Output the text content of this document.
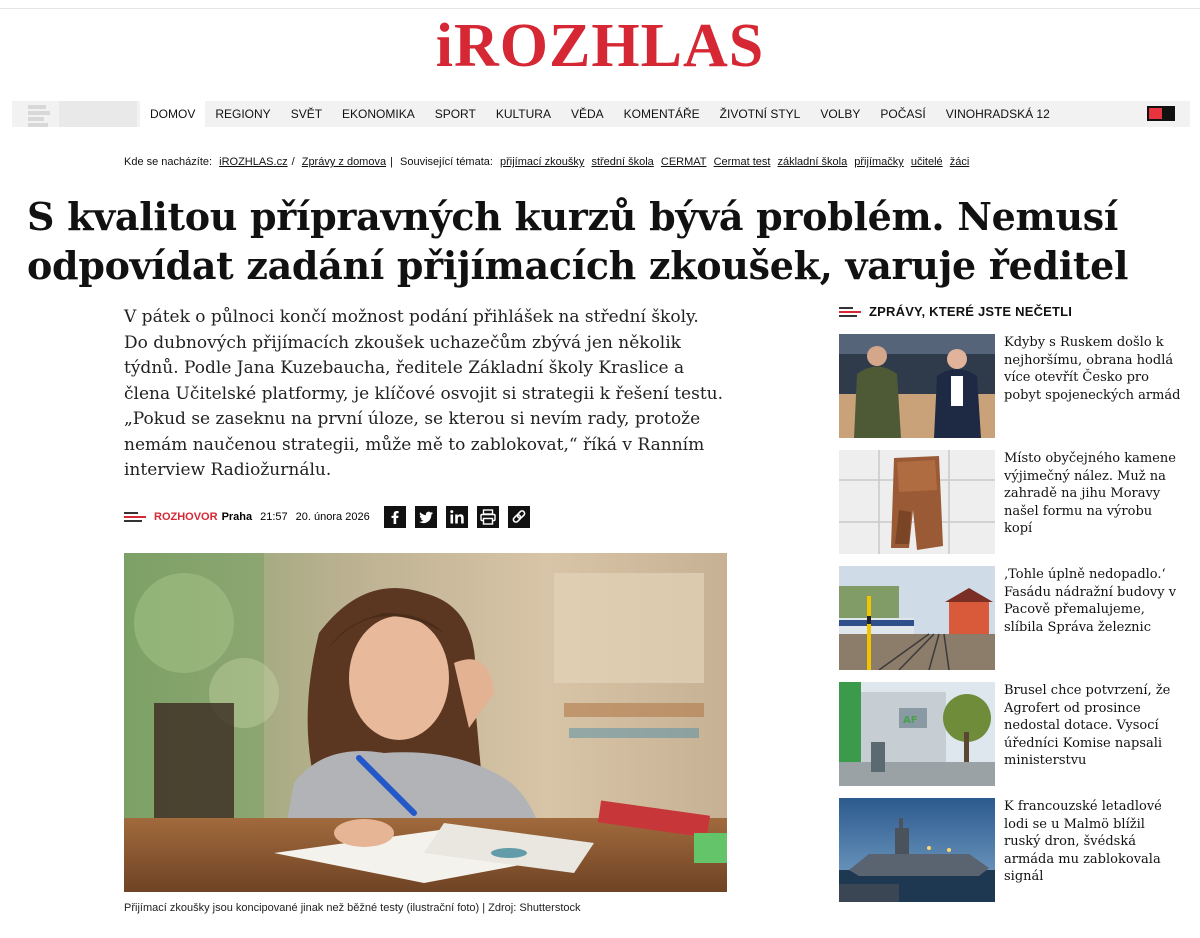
iROZHLAS
DOMOV	REGIONY	SVĚT	EKONOMIKA	SPORT	KULTURA	VĚDA	KOMENTÁŘE	ŽIVOTNÍ STYL	VOLBY	POČASÍ	VINOHRADSKÁ 12
Kde se nacházíte: iROZHLAS.cz / Zprávy z domova | Související témata: přijímací zkoušky střední škola CERMAT Cermat test základní škola přijímačky učitelé žáci
S kvalitou přípravných kurzů bývá problém. Nemusí odpovídat zadání přijímacích zkoušek, varuje ředitel

V pátek o půlnoci končí možnost podání přihlášek na střední školy. Do dubnových přijímacích zkoušek uchazečům zbývá jen několik týdnů. Podle Jana Kuzebaucha, ředitele Základní školy Kraslice a člena Učitelské platformy, je klíčové osvojit si strategii k řešení testu. „Pokud se zaseknu na první úloze, se kterou si nevím rady, protože nemám naučenou strategii, může mě to zablokovat,“ říká v Ranním interview Radiožurnálu.

ROZHOVOR Praha 21:57 20. února 2026
Přijímací zkoušky jsou koncipované jinak než běžné testy (ilustrační foto) | Zdroj: Shutterstock
ZPRÁVY, KTERÉ JSTE NEČETLI
Kdyby s Ruskem došlo k nejhoršímu, obrana hodlá více otevřít Česko pro pobyt spojeneckých armád
Místo obyčejného kamene výjimečný nález. Muž na zahradě na jihu Moravy našel formu na výrobu kopí
‚Tohle úplně nedopadlo.‘ Fasádu nádražní budovy v Pacově přemalujeme, slíbila Správa železnic
AF
Brusel chce potvrzení, že Agrofert od prosince nedostal dotace. Vysocí úředníci Komise napsali ministerstvu
K francouzské letadlové lodi se u Malmö blížil ruský dron, švédská armáda mu zablokovala signál
